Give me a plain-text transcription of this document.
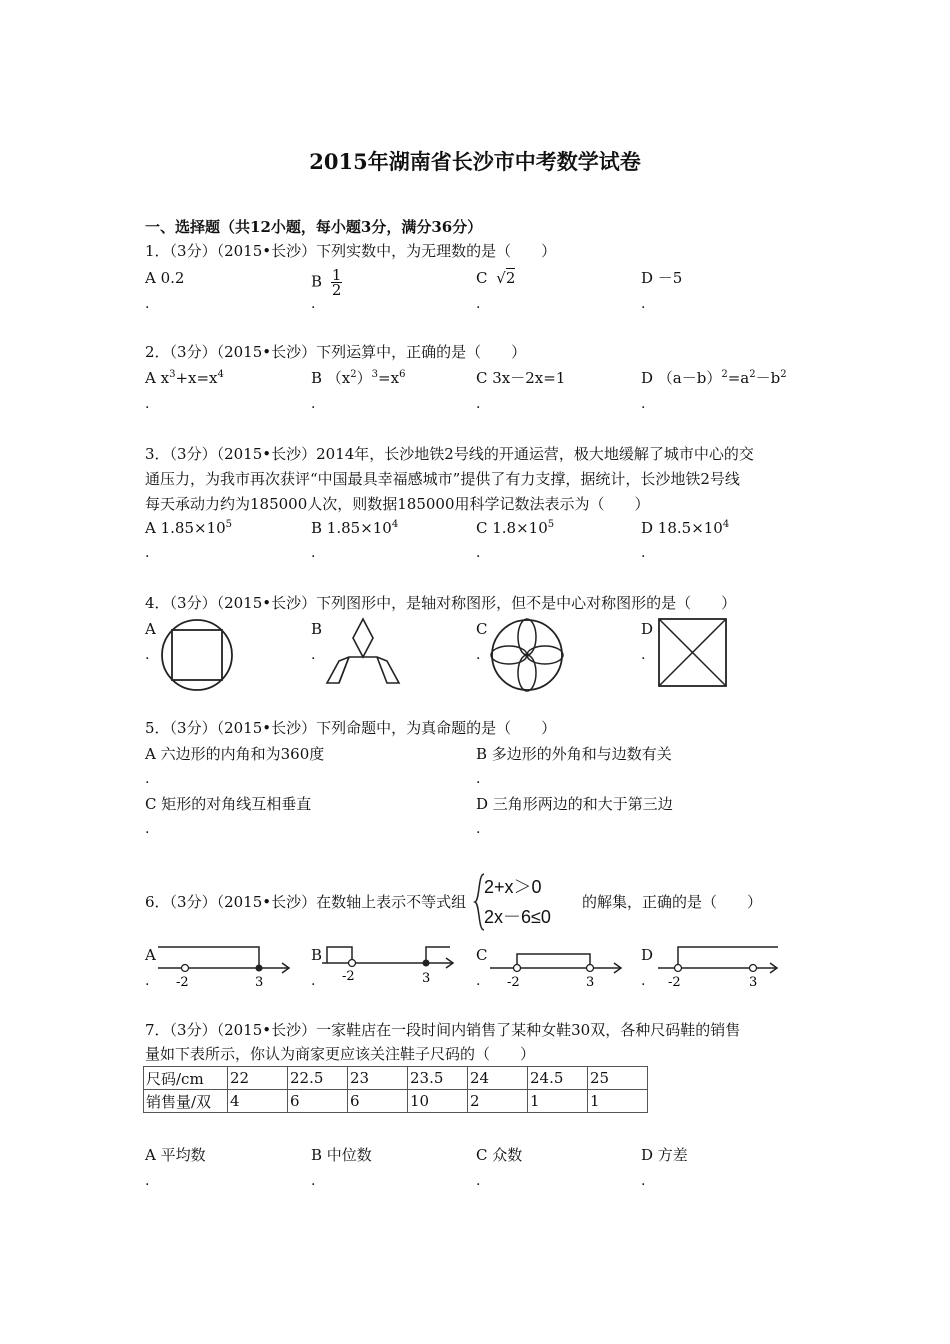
2015年湖南省长沙市中考数学试卷
一、选择题（共12小题，每小题3分，满分36分）
1．（3分）（2015•长沙）下列实数中，为无理数的是（　　）
A 0.2	B $\frac{1}{2}$	C √2	D －5
.	.	.	.
2．（3分）（2015•长沙）下列运算中，正确的是（　　）
A $x^3+x=x^4$	B $(x^2)^3=x^6$	C 3x－2x=1	D $(a-b)^2=a^2-b^2$
.	.	.	.
3．（3分）（2015•长沙）2014年，长沙地铁2号线的开通运营，极大地缓解了城市中心的交
通压力，为我市再次获评“中国最具幸福感城市”提供了有力支撑，据统计，长沙地铁2号线
每天承动力约为185000人次，则数据185000用科学记数法表示为（　　）
A $1.85\times 10^5$	B $1.85\times 10^4$	C $1.8\times 10^5$	D $18.5\times 10^4$
.	.	.	.
4．（3分）（2015•长沙）下列图形中，是轴对称图形，但不是中心对称图形的是（　　）
A	B	C	D
.	.	.	.
5．（3分）（2015•长沙）下列命题中，为真命题的是（　　）
A 六边形的内角和为360度	B 多边形的外角和与边数有关
.	.
C 矩形的对角线互相垂直	D 三角形两边的和大于第三边
.	.
6．（3分）（2015•长沙）在数轴上表示不等式组
2+x＞0
2x－6≤0
的解集，正确的是（　　）
A	B	C	D
.	.	.	.
-2	3	-2	3	-2	3	-2	3
7．（3分）（2015•长沙）一家鞋店在一段时间内销售了某种女鞋30双，各种尺码鞋的销售
量如下表所示，你认为商家更应该关注鞋子尺码的（　　）
尺码/cm	22	22.5	23	23.5	24	24.5	25
销售量/双	4	6	6	10	2	1	1
A 平均数	B 中位数	C 众数	D 方差
.	.	.	.
